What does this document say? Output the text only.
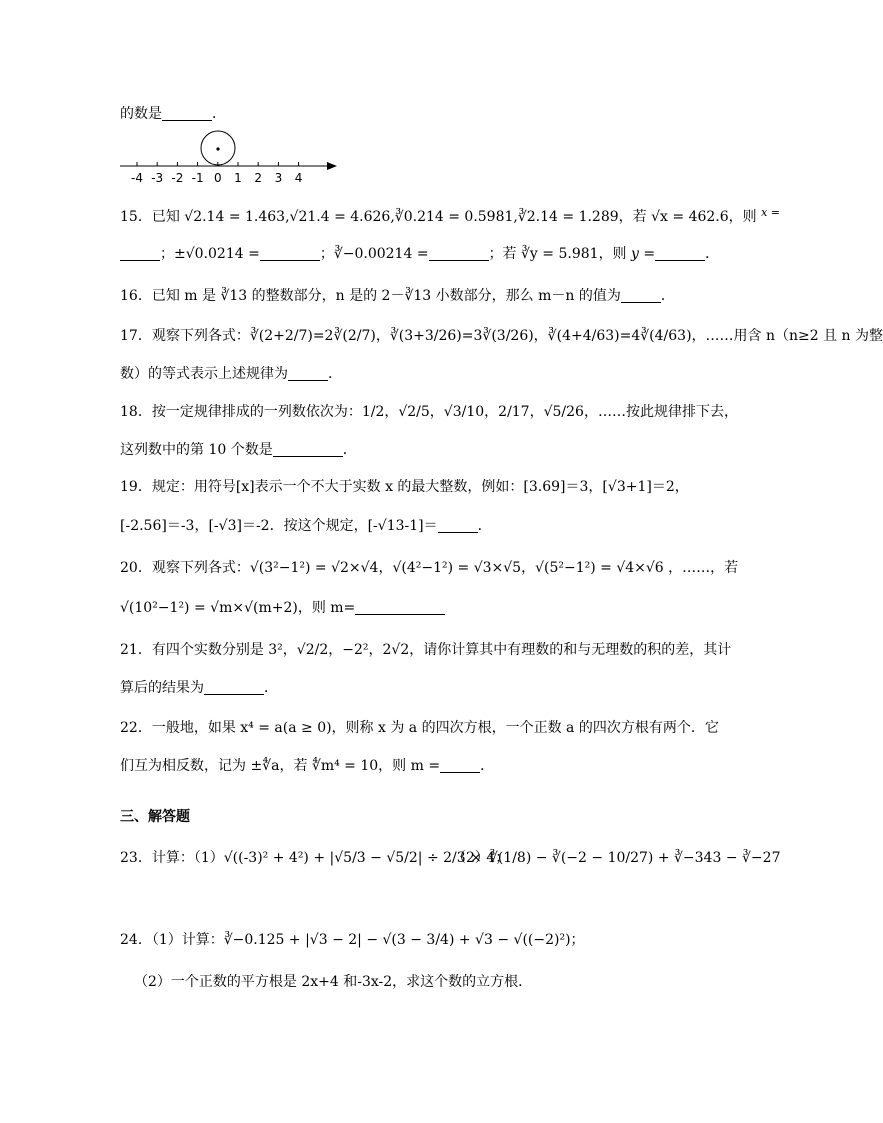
的数是	．
-4 -3 -2 -1 0 1 2 3 4
15．已知 √2.14 = 1.463,√21.4 = 4.626,∛0.214 = 0.5981,∛2.14 = 1.289，若 √x = 462.6，则 $^{x =}$
；±√0.0214 =	；∛−0.00214 =	；若 ∛y = 5.981，则 y =	．
16．已知 m 是 ∛13 的整数部分，n 是的 2－∛13 小数部分，那么 m－n 的值为	．
17．观察下列各式：∛(2+2/7)=2∛(2/7)，∛(3+3/26)=3∛(3/26)，∛(4+4/63)=4∛(4/63)，……用含 n（n≥2 且 n 为整
数）的等式表示上述规律为	．
18．按一定规律排成的一列数依次为：1/2，√2/5，√3/10，2/17，√5/26，……按此规律排下去，
这列数中的第 10 个数是	．
19．规定：用符号[x]表示一个不大于实数 x 的最大整数，例如：[3.69]＝3，[√3+1]＝2，
[-2.56]＝-3，[-√3]＝-2．按这个规定，[-√13-1]＝	．
20．观察下列各式：√(3²−1²) = √2×√4，√(4²−1²) = √3×√5，√(5²−1²) = √4×√6 ，……，若
√(10²−1²) = √m×√(m+2)，则 m=
21．有四个实数分别是 3²，√2/2，−2²，2√2，请你计算其中有理数的和与无理数的积的差，其计
算后的结果为	．
22．一般地，如果 x⁴ = a(a ≥ 0)，则称 x 为 a 的四次方根，一个正数 a 的四次方根有两个．它
们互为相反数，记为 ±∜a，若 ∜m⁴ = 10，则 m =	．
三、解答题
23．计算：（1）√((-3)² + 4²) + |√5/3 − √5/2| ÷ 2/3 × 4；
（2）∛(1/8) − ∛(−2 − 10/27) + ∛−343 − ∛−27
24．（1）计算：∛−0.125 + |√3 − 2| − √(3 − 3/4) + √3 − √((−2)²)；
（2）一个正数的平方根是 2x+4 和-3x-2，求这个数的立方根．
